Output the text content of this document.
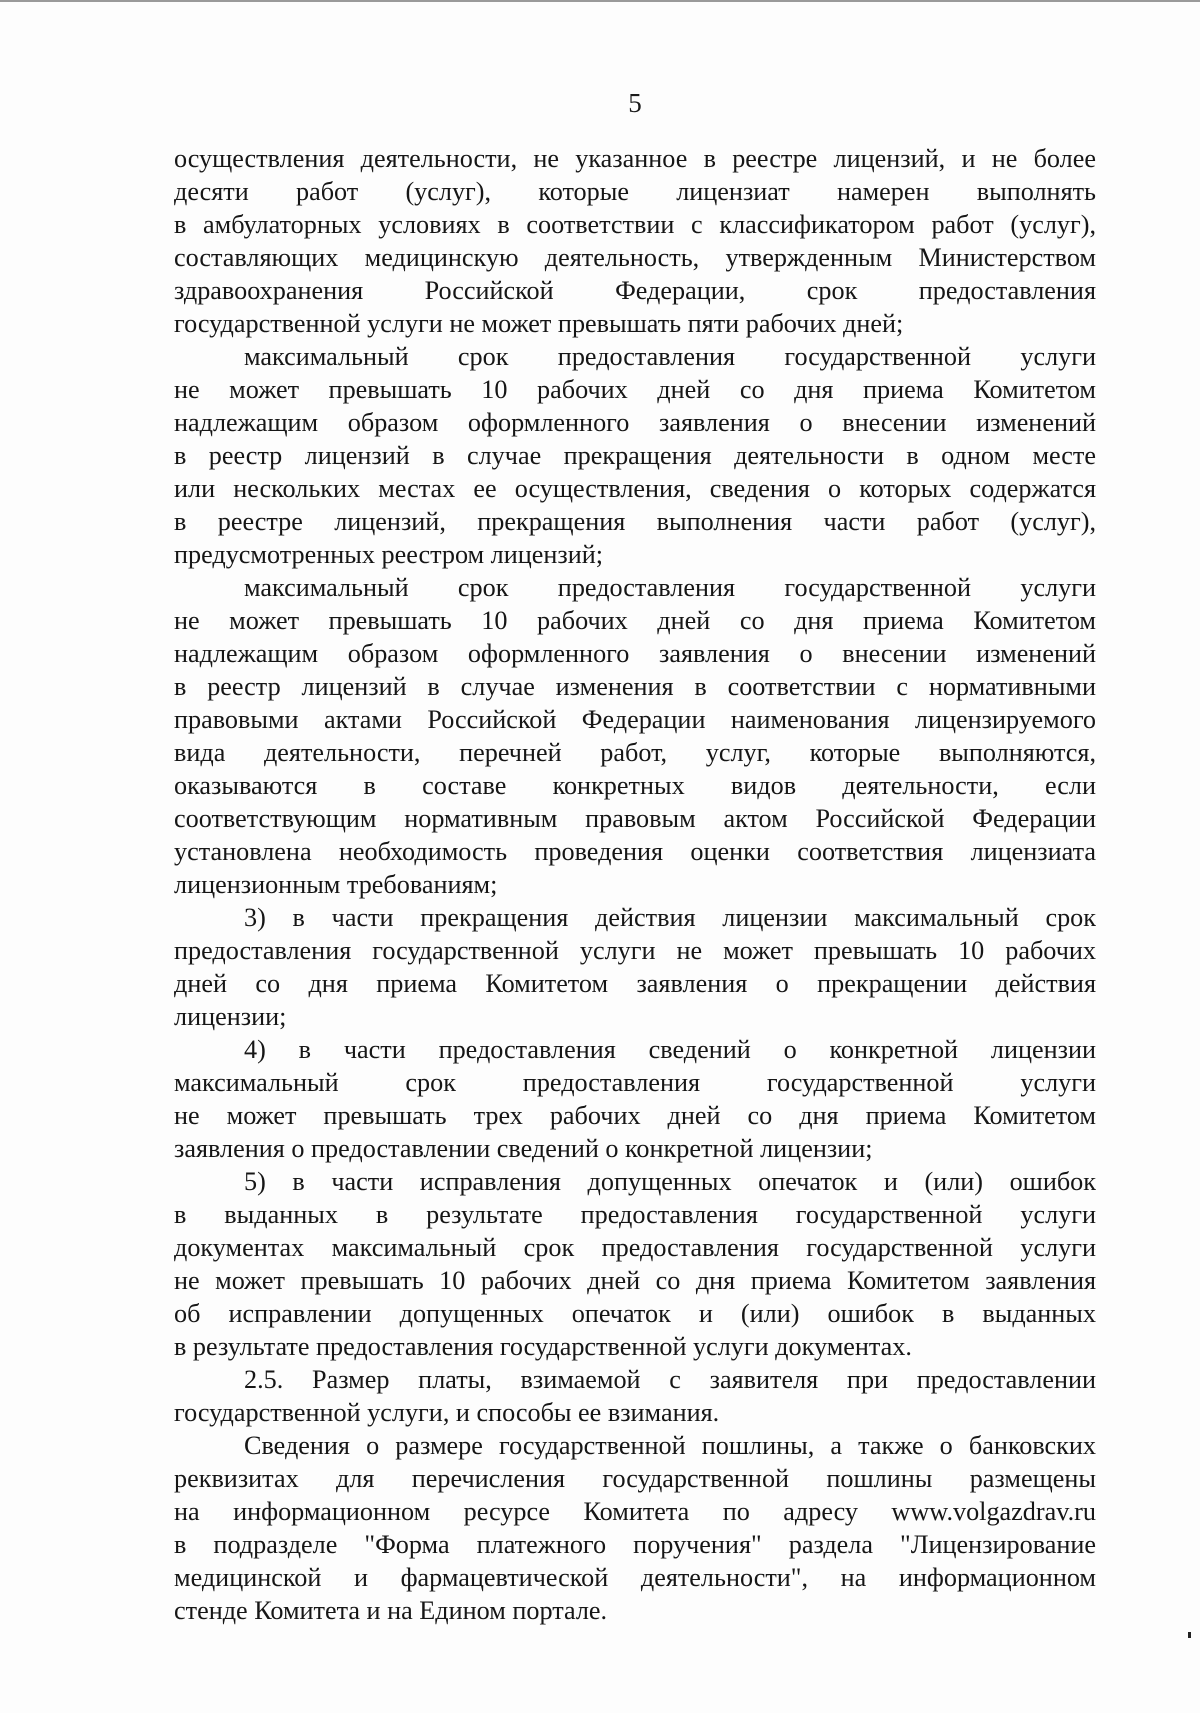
5
осуществления деятельности, не указанное в реестре лицензий, и не более
десяти работ (услуг), которые лицензиат намерен выполнять
в амбулаторных условиях в соответствии с классификатором работ (услуг),
составляющих медицинскую деятельность, утвержденным Министерством
здравоохранения Российской Федерации, срок предоставления
государственной услуги не может превышать пяти рабочих дней;
максимальный срок предоставления государственной услуги
не может превышать 10 рабочих дней со дня приема Комитетом
надлежащим образом оформленного заявления о внесении изменений
в реестр лицензий в случае прекращения деятельности в одном месте
или нескольких местах ее осуществления, сведения о которых содержатся
в реестре лицензий, прекращения выполнения части работ (услуг),
предусмотренных реестром лицензий;
максимальный срок предоставления государственной услуги
не может превышать 10 рабочих дней со дня приема Комитетом
надлежащим образом оформленного заявления о внесении изменений
в реестр лицензий в случае изменения в соответствии с нормативными
правовыми актами Российской Федерации наименования лицензируемого
вида деятельности, перечней работ, услуг, которые выполняются,
оказываются в составе конкретных видов деятельности, если
соответствующим нормативным правовым актом Российской Федерации
установлена необходимость проведения оценки соответствия лицензиата
лицензионным требованиям;
3) в части прекращения действия лицензии максимальный срок
предоставления государственной услуги не может превышать 10 рабочих
дней со дня приема Комитетом заявления о прекращении действия
лицензии;
4) в части предоставления сведений о конкретной лицензии
максимальный срок предоставления государственной услуги
не может превышать трех рабочих дней со дня приема Комитетом
заявления о предоставлении сведений о конкретной лицензии;
5) в части исправления допущенных опечаток и (или) ошибок
в выданных в результате предоставления государственной услуги
документах максимальный срок предоставления государственной услуги
не может превышать 10 рабочих дней со дня приема Комитетом заявления
об исправлении допущенных опечаток и (или) ошибок в выданных
в результате предоставления государственной услуги документах.
2.5. Размер платы, взимаемой с заявителя при предоставлении
государственной услуги, и способы ее взимания.
Сведения о размере государственной пошлины, а также о банковских
реквизитах для перечисления государственной пошлины размещены
на информационном ресурсе Комитета по адресу www.volgazdrav.ru
в подразделе "Форма платежного поручения" раздела "Лицензирование
медицинской и фармацевтической деятельности", на информационном
стенде Комитета и на Едином портале.
